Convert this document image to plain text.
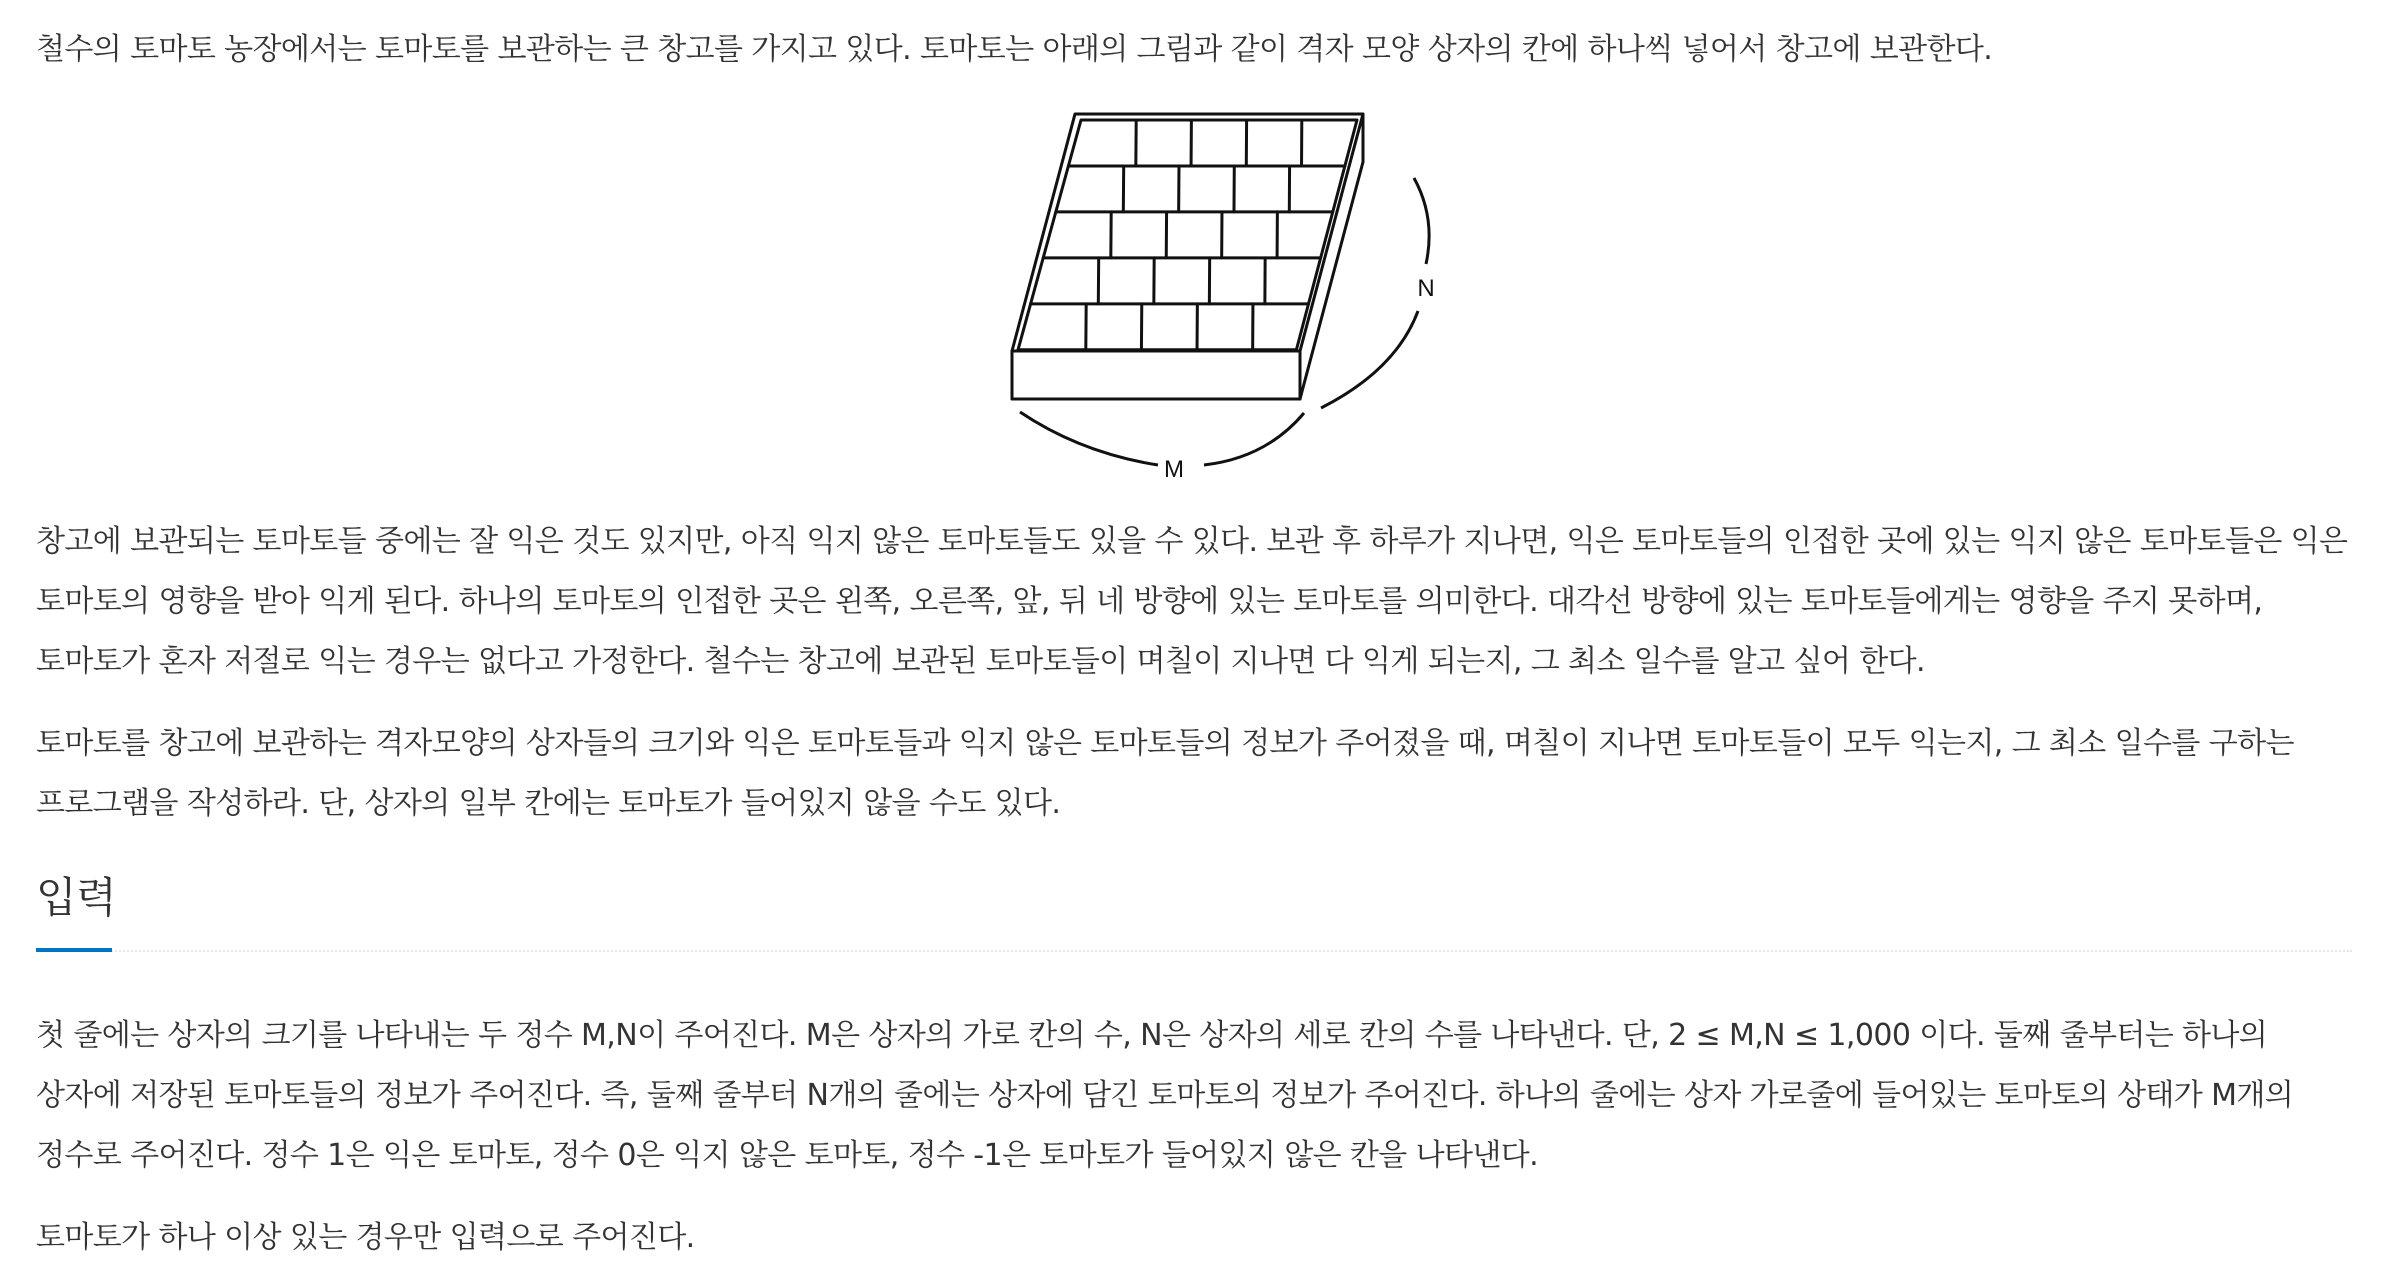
철수의 토마토 농장에서는 토마토를 보관하는 큰 창고를 가지고 있다. 토마토는 아래의 그림과 같이 격자 모양 상자의 칸에 하나씩 넣어서 창고에 보관한다.

M
N

창고에 보관되는 토마토들 중에는 잘 익은 것도 있지만, 아직 익지 않은 토마토들도 있을 수 있다. 보관 후 하루가 지나면, 익은 토마토들의 인접한 곳에 있는 익지 않은 토마토들은 익은 토마토의 영향을 받아 익게 된다. 하나의 토마토의 인접한 곳은 왼쪽, 오른쪽, 앞, 뒤 네 방향에 있는 토마토를 의미한다. 대각선 방향에 있는 토마토들에게는 영향을 주지 못하며, 토마토가 혼자 저절로 익는 경우는 없다고 가정한다. 철수는 창고에 보관된 토마토들이 며칠이 지나면 다 익게 되는지, 그 최소 일수를 알고 싶어 한다.

토마토를 창고에 보관하는 격자모양의 상자들의 크기와 익은 토마토들과 익지 않은 토마토들의 정보가 주어졌을 때, 며칠이 지나면 토마토들이 모두 익는지, 그 최소 일수를 구하는 프로그램을 작성하라. 단, 상자의 일부 칸에는 토마토가 들어있지 않을 수도 있다.

입력

첫 줄에는 상자의 크기를 나타내는 두 정수 M,N이 주어진다. M은 상자의 가로 칸의 수, N은 상자의 세로 칸의 수를 나타낸다. 단, 2 ≤ M,N ≤ 1,000 이다. 둘째 줄부터는 하나의 상자에 저장된 토마토들의 정보가 주어진다. 즉, 둘째 줄부터 N개의 줄에는 상자에 담긴 토마토의 정보가 주어진다. 하나의 줄에는 상자 가로줄에 들어있는 토마토의 상태가 M개의 정수로 주어진다. 정수 1은 익은 토마토, 정수 0은 익지 않은 토마토, 정수 -1은 토마토가 들어있지 않은 칸을 나타낸다.

토마토가 하나 이상 있는 경우만 입력으로 주어진다.
